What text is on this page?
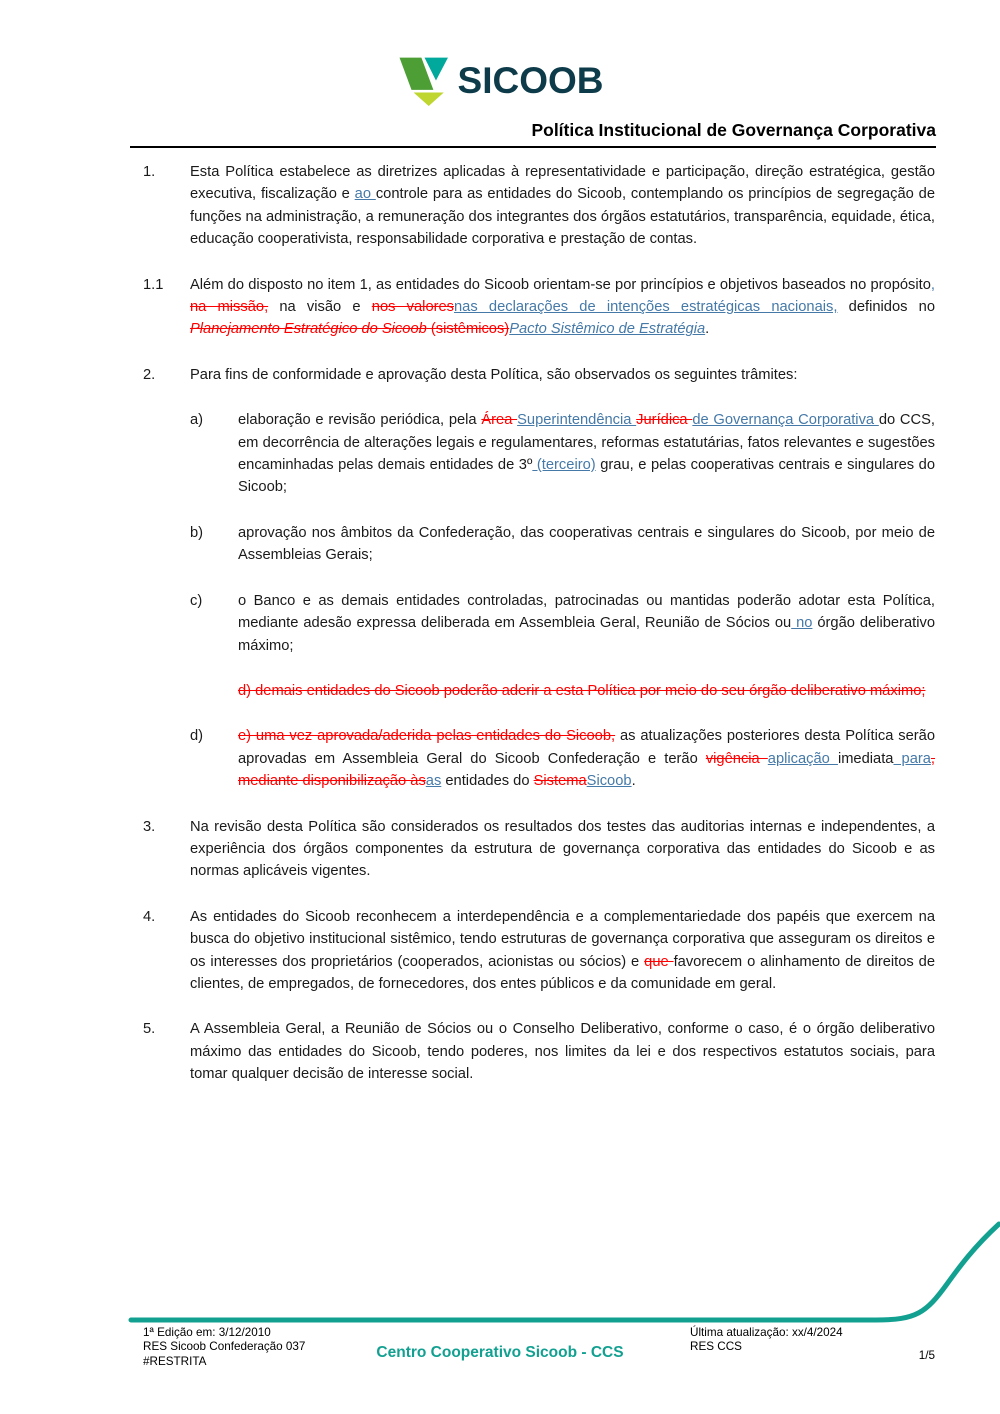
SICOOB
Política Institucional de Governança Corporativa
1.	Esta Política estabelece as diretrizes aplicadas à representatividade e participação, direção estratégica, gestão executiva, fiscalização e ao controle para as entidades do Sicoob, contemplando os princípios de segregação de funções na administração, a remuneração dos integrantes dos órgãos estatutários, transparência, equidade, ética, educação cooperativista, responsabilidade corporativa e prestação de contas.
1.1	Além do disposto no item 1, as entidades do Sicoob orientam-se por princípios e objetivos baseados no propósito, na missão, na visão e nos valoresnas declarações de intenções estratégicas nacionais, definidos no Planejamento Estratégico do Sicoob (sistêmicos)Pacto Sistêmico de Estratégia.
2.	Para fins de conformidade e aprovação desta Política, são observados os seguintes trâmites:
a)	elaboração e revisão periódica, pela Área Superintendência Jurídica de Governança Corporativa do CCS, em decorrência de alterações legais e regulamentares, reformas estatutárias, fatos relevantes e sugestões encaminhadas pelas demais entidades de 3º (terceiro) grau, e pelas cooperativas centrais e singulares do Sicoob;
b)	aprovação nos âmbitos da Confederação, das cooperativas centrais e singulares do Sicoob, por meio de Assembleias Gerais;
c)	o Banco e as demais entidades controladas, patrocinadas ou mantidas poderão adotar esta Política, mediante adesão expressa deliberada em Assembleia Geral, Reunião de Sócios ou no órgão deliberativo máximo;
d) demais entidades do Sicoob poderão aderir a esta Política por meio do seu órgão deliberativo máximo;
d)	e) uma vez aprovada/aderida pelas entidades do Sicoob, as atualizações posteriores desta Política serão aprovadas em Assembleia Geral do Sicoob Confederação e terão vigência aplicação imediata para, mediante disponibilização àsas entidades do SistemaSicoob.
3.	Na revisão desta Política são considerados os resultados dos testes das auditorias internas e independentes, a experiência dos órgãos componentes da estrutura de governança corporativa das entidades do Sicoob e as normas aplicáveis vigentes.
4.	As entidades do Sicoob reconhecem a interdependência e a complementariedade dos papéis que exercem na busca do objetivo institucional sistêmico, tendo estruturas de governança corporativa que asseguram os direitos e os interesses dos proprietários (cooperados, acionistas ou sócios) e que favorecem o alinhamento de direitos de clientes, de empregados, de fornecedores, dos entes públicos e da comunidade em geral.
5.	A Assembleia Geral, a Reunião de Sócios ou o Conselho Deliberativo, conforme o caso, é o órgão deliberativo máximo das entidades do Sicoob, tendo poderes, nos limites da lei e dos respectivos estatutos sociais, para tomar qualquer decisão de interesse social.
1ª Edição em: 3/12/2010
RES Sicoob Confederação 037
#RESTRITA
Centro Cooperativo Sicoob - CCS
Última atualização: xx/4/2024
RES CCS
1/5
